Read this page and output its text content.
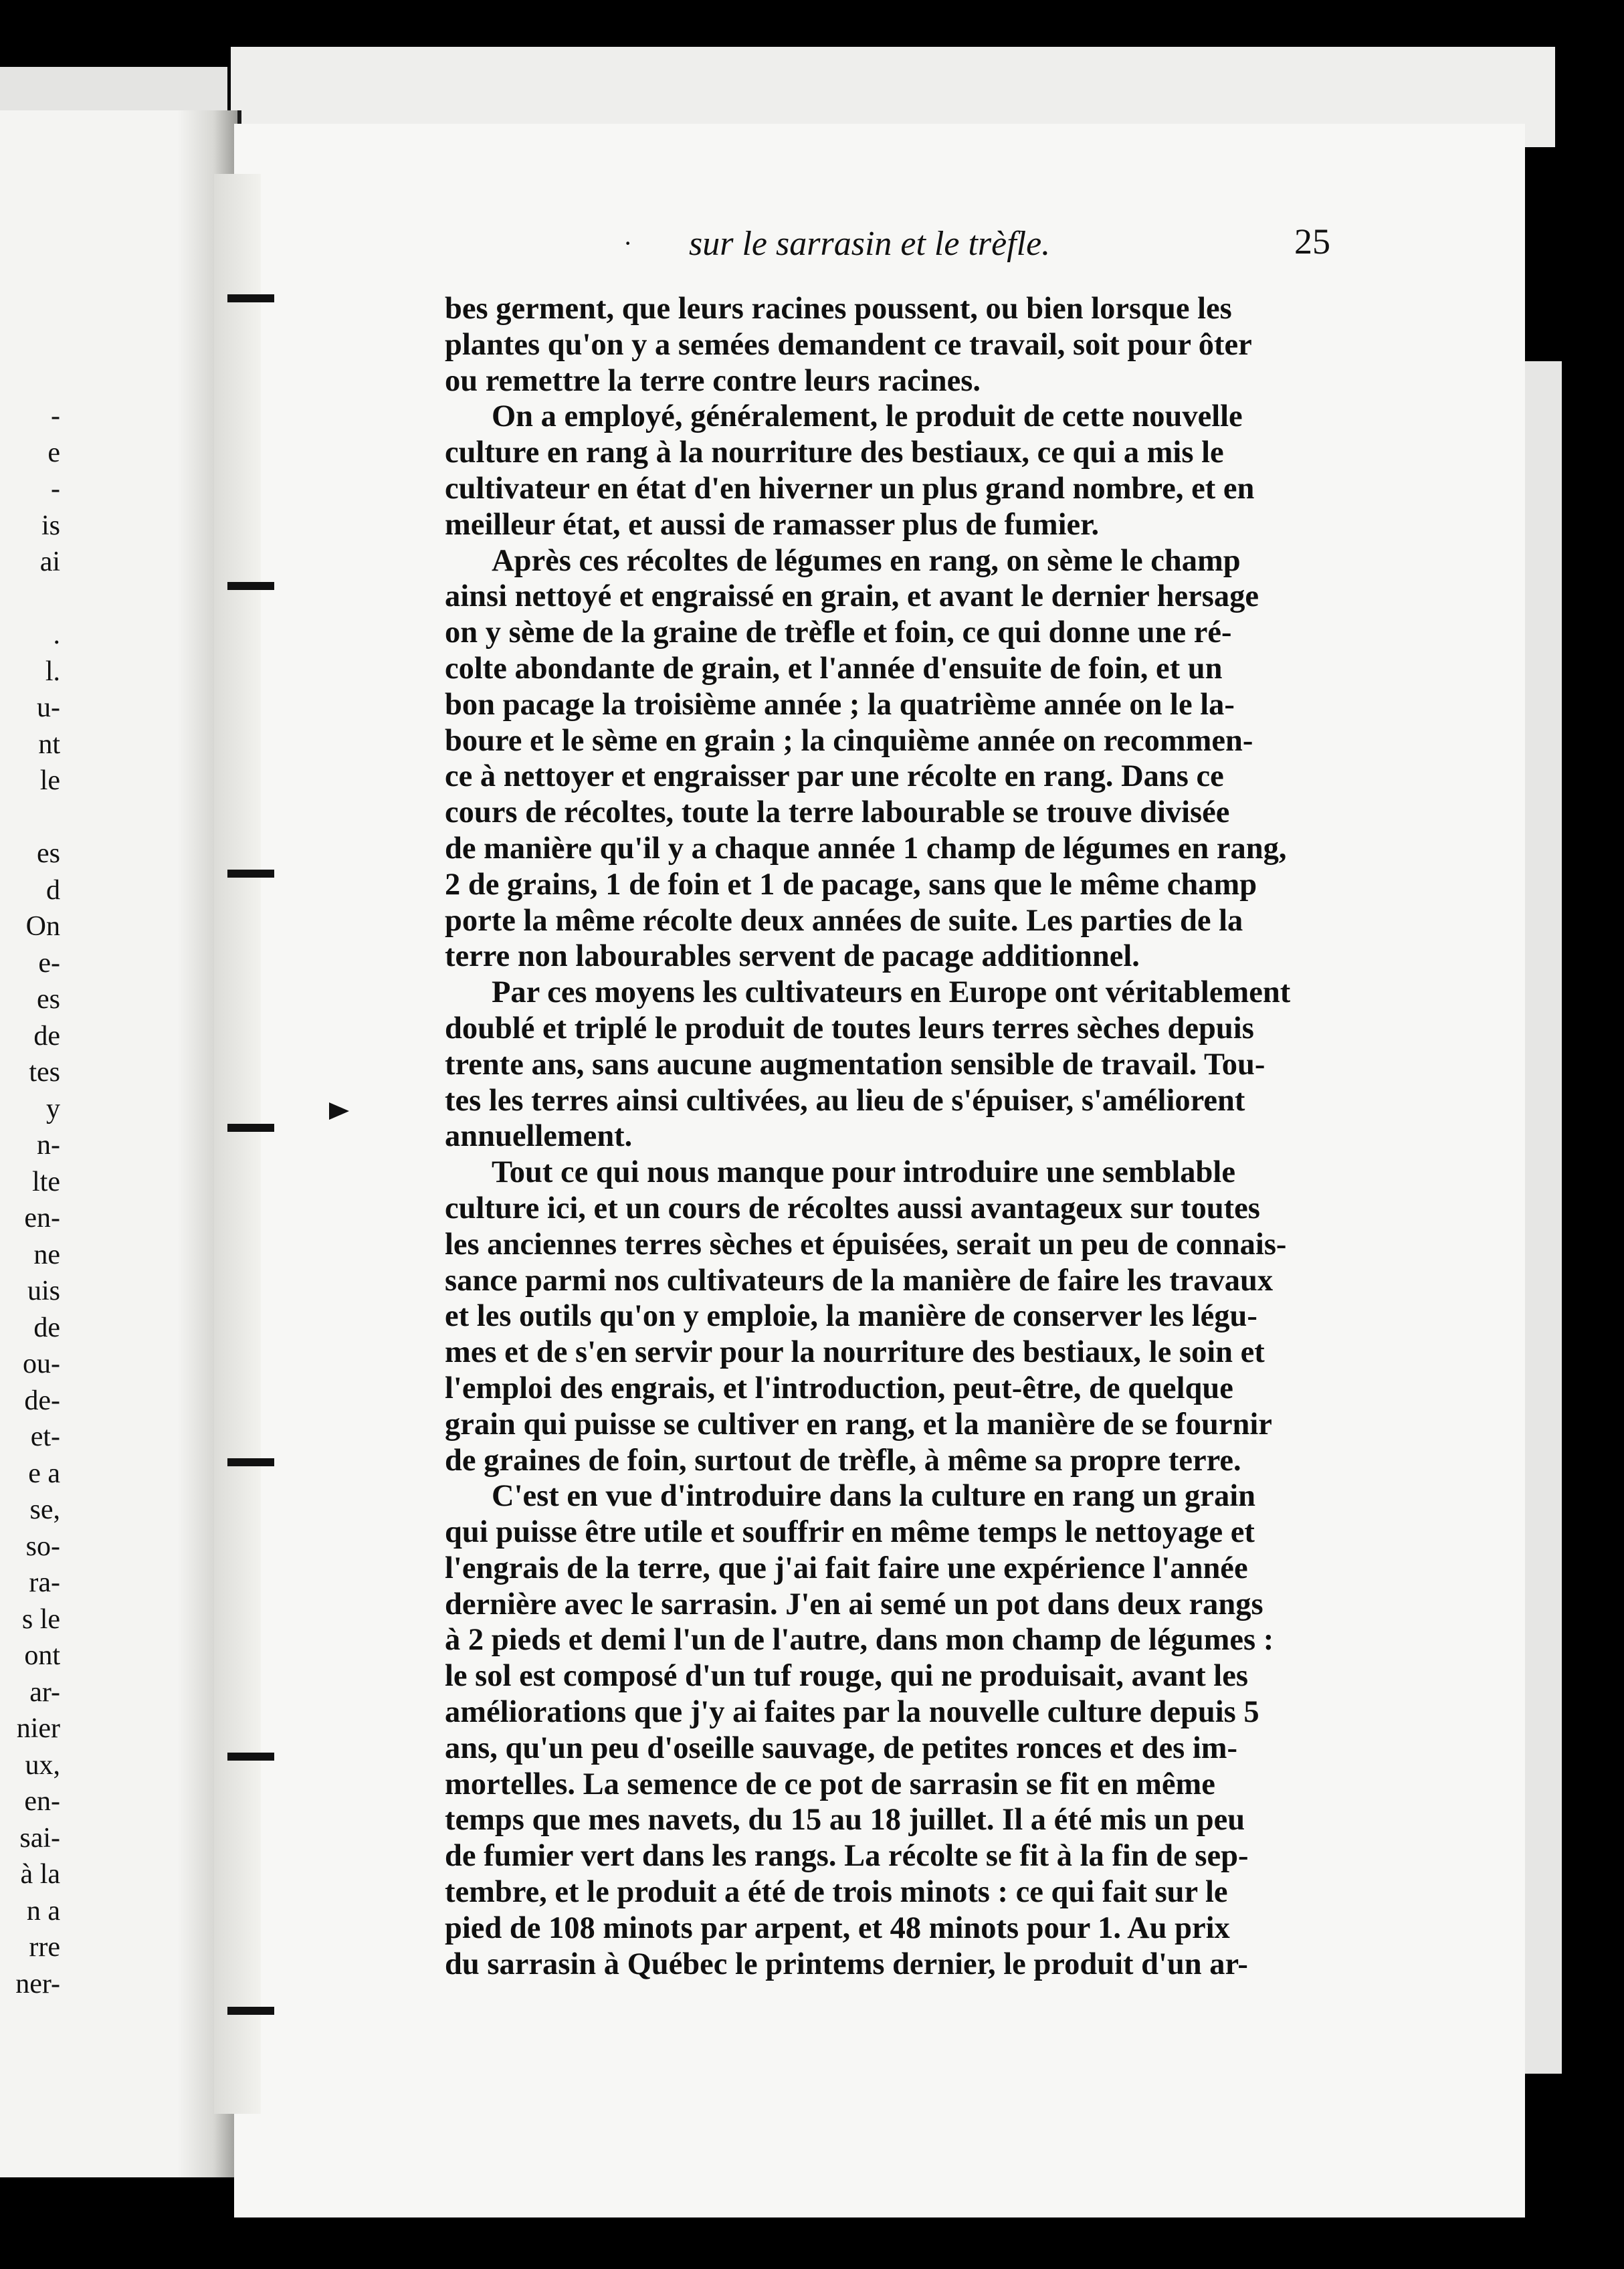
-
e
-
is
ai
.
l.
u-
nt
le
es
d
On
e-
es
de
tes
y
n-
lte
en-
ne
uis
de
ou-
de-
et-
e a
se,
so-
ra-
s le
ont
ar-
nier
ux,
en-
sai-
à la
n a
rre
ner-
· sur le sarrasin et le trèfle.	25
bes germent, que leurs racines poussent, ou bien lorsque les
plantes qu'on y a semées demandent ce travail, soit pour ôter
ou remettre la terre contre leurs racines.
On a employé, généralement, le produit de cette nouvelle
culture en rang à la nourriture des bestiaux, ce qui a mis le
cultivateur en état d'en hiverner un plus grand nombre, et en
meilleur état, et aussi de ramasser plus de fumier.
Après ces récoltes de légumes en rang, on sème le champ
ainsi nettoyé et engraissé en grain, et avant le dernier hersage
on y sème de la graine de trèfle et foin, ce qui donne une ré-
colte abondante de grain, et l'année d'ensuite de foin, et un
bon pacage la troisième année ; la quatrième année on le la-
boure et le sème en grain ; la cinquième année on recommen-
ce à nettoyer et engraisser par une récolte en rang. Dans ce
cours de récoltes, toute la terre labourable se trouve divisée
de manière qu'il y a chaque année 1 champ de légumes en rang,
2 de grains, 1 de foin et 1 de pacage, sans que le même champ
porte la même récolte deux années de suite. Les parties de la
terre non labourables servent de pacage additionnel.
Par ces moyens les cultivateurs en Europe ont véritablement
doublé et triplé le produit de toutes leurs terres sèches depuis
trente ans, sans aucune augmentation sensible de travail. Tou-
tes les terres ainsi cultivées, au lieu de s'épuiser, s'améliorent
annuellement.
Tout ce qui nous manque pour introduire une semblable
culture ici, et un cours de récoltes aussi avantageux sur toutes
les anciennes terres sèches et épuisées, serait un peu de connais-
sance parmi nos cultivateurs de la manière de faire les travaux
et les outils qu'on y emploie, la manière de conserver les légu-
mes et de s'en servir pour la nourriture des bestiaux, le soin et
l'emploi des engrais, et l'introduction, peut-être, de quelque
grain qui puisse se cultiver en rang, et la manière de se fournir
de graines de foin, surtout de trèfle, à même sa propre terre.
C'est en vue d'introduire dans la culture en rang un grain
qui puisse être utile et souffrir en même temps le nettoyage et
l'engrais de la terre, que j'ai fait faire une expérience l'année
dernière avec le sarrasin. J'en ai semé un pot dans deux rangs
à 2 pieds et demi l'un de l'autre, dans mon champ de légumes :
le sol est composé d'un tuf rouge, qui ne produisait, avant les
améliorations que j'y ai faites par la nouvelle culture depuis 5
ans, qu'un peu d'oseille sauvage, de petites ronces et des im-
mortelles. La semence de ce pot de sarrasin se fit en même
temps que mes navets, du 15 au 18 juillet. Il a été mis un peu
de fumier vert dans les rangs. La récolte se fit à la fin de sep-
tembre, et le produit a été de trois minots : ce qui fait sur le
pied de 108 minots par arpent, et 48 minots pour 1. Au prix
du sarrasin à Québec le printems dernier, le produit d'un ar-
